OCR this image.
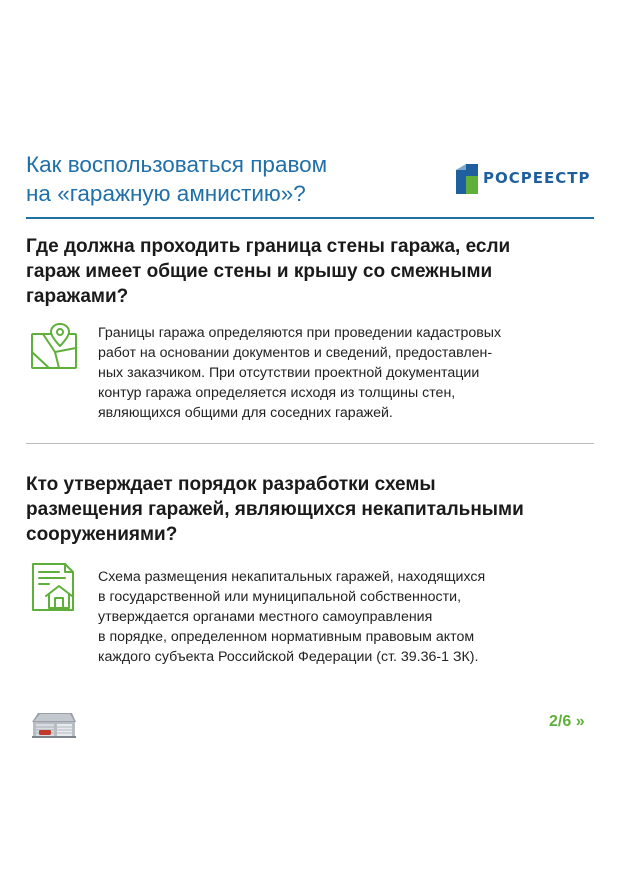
Как воспользоваться правом
на «гаражную амнистию»?
РОСРЕЕСТР
Где должна проходить граница стены гаража, если
гараж имеет общие стены и крышу со смежными
гаражами?
Границы гаража определяются при проведении кадастровых
работ на основании документов и сведений, предоставлен-
ных заказчиком. При отсутствии проектной документации
контур гаража определяется исходя из толщины стен,
являющихся общими для соседних гаражей.
Кто утверждает порядок разработки схемы
размещения гаражей, являющихся некапитальными
сооружениями?
Схема размещения некапитальных гаражей, находящихся
в государственной или муниципальной собственности,
утверждается органами местного самоуправления
в порядке, определенном нормативным правовым актом
каждого субъекта Российской Федерации (ст. 39.36-1 ЗК).
2/6 »
